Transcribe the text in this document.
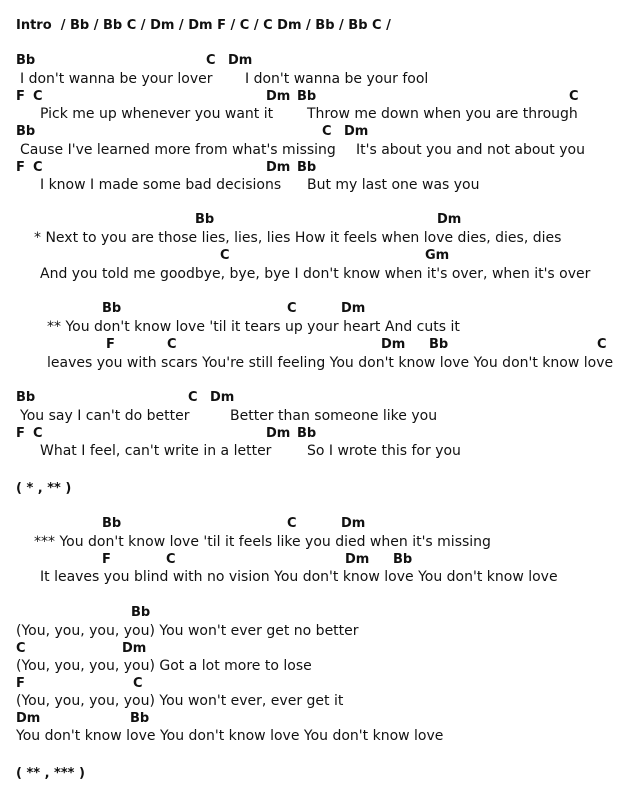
Intro  / Bb / Bb C / Dm / Dm F / C / C Dm / Bb / Bb C /
Bb	C Dm
I don't wanna be your lover I don't wanna be your fool
F C	Dm Bb	C
Pick me up whenever you want it Throw me down when you are through
Bb	C Dm
Cause I've learned more from what's missing It's about you and not about you
F C	Dm Bb
I know I made some bad decisions But my last one was you
Bb	Dm
* Next to you are those lies, lies, lies How it feels when love dies, dies, dies
C	Gm
And you told me goodbye, bye, bye I don't know when it's over, when it's over
Bb	C	Dm
** You don't know love 'til it tears up your heart And cuts it
F	C	Dm Bb	C
leaves you with scars You're still feeling You don't know love You don't know love
Bb	C Dm
You say I can't do better	Better than someone like you
F C	Dm Bb
What I feel, can't write in a letter	So I wrote this for you
( * , ** )
Bb	C	Dm
*** You don't know love 'til it feels like you died when it's missing
F	C	Dm Bb
It leaves you blind with no vision You don't know love You don't know love
Bb
(You, you, you, you) You won't ever get no better
C	Dm
(You, you, you, you) Got a lot more to lose
F	C
(You, you, you, you) You won't ever, ever get it
Dm	Bb
You don't know love You don't know love You don't know love
( ** , *** )
